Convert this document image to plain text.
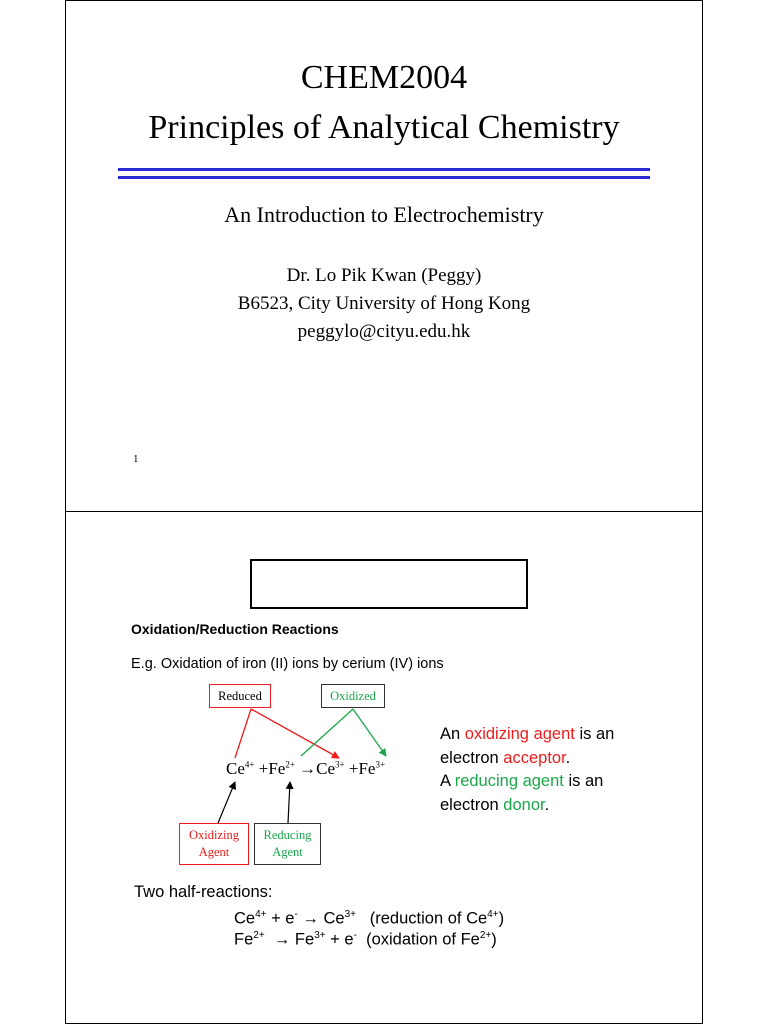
CHEM2004
Principles of Analytical Chemistry
An Introduction to Electrochemistry
Dr. Lo Pik Kwan (Peggy)
B6523, City University of Hong Kong
peggylo@cityu.edu.hk
1
Oxidation/Reduction Reactions
E.g. Oxidation of iron (II) ions by cerium (IV) ions
Reduced	Oxidized
$Ce^{4+} +Fe^{2+} \to Ce^{3+} +Fe^{3+}$
Oxidizing
Agent
Reducing
Agent
An oxidizing agent is an
electron acceptor.
A reducing agent is an
electron donor.
Two half-reactions:
$Ce^{4+} + e^- \to Ce^{3+}$ (reduction of $Ce^{4+}$)
$Fe^{2+} \to Fe^{3+} + e^-$ (oxidation of $Fe^{2+}$)
